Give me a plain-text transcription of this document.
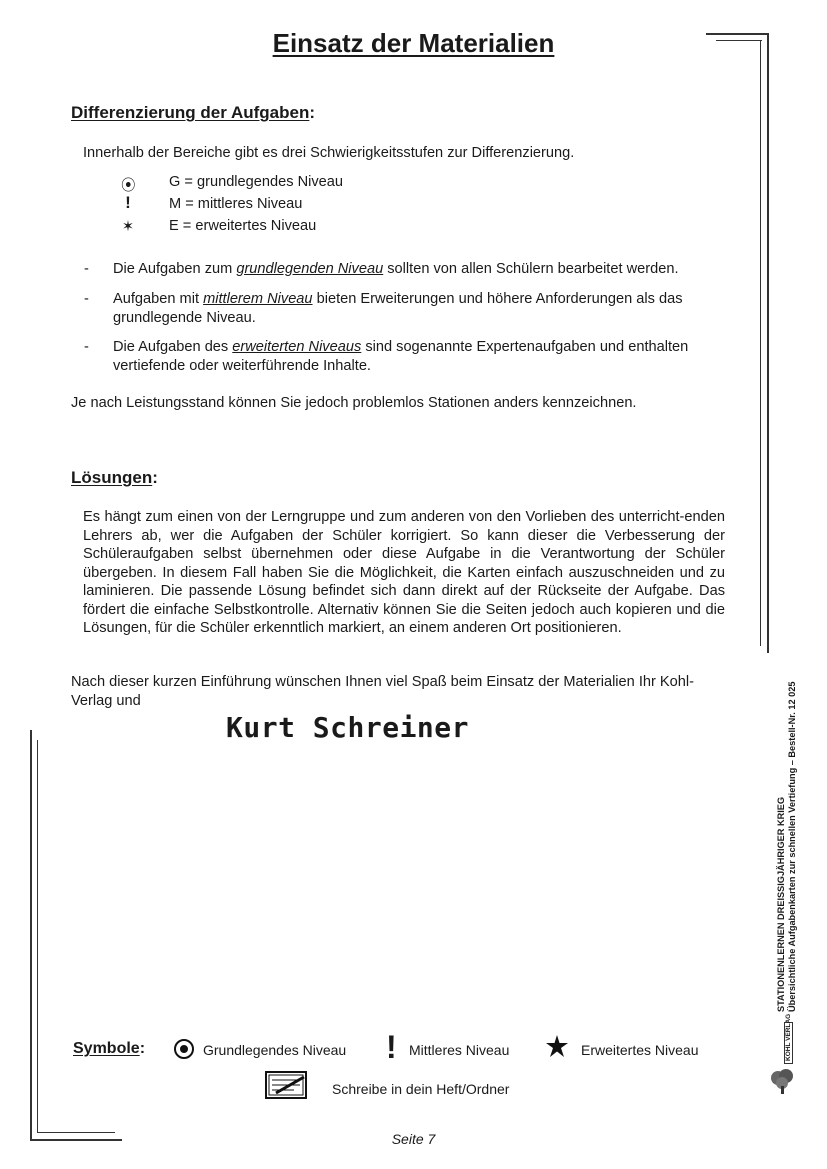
Einsatz der Materialien
Differenzierung der Aufgaben:
Innerhalb der Bereiche gibt es drei Schwierigkeitsstufen zur Differenzierung.
⦿ G = grundlegendes Niveau
!	M = mittleres Niveau
✶ E = erweitertes Niveau
- Die Aufgaben zum grundlegenden Niveau sollten von allen Schülern bearbeitet werden.
- Aufgaben mit mittlerem Niveau bieten Erweiterungen und höhere Anforderungen als das grundlegende Niveau.
- Die Aufgaben des erweiterten Niveaus sind sogenannte Expertenaufgaben und enthalten vertiefende oder weiterführende Inhalte.
Je nach Leistungsstand können Sie jedoch problemlos Stationen anders kennzeichnen.
Lösungen:
Es hängt zum einen von der Lerngruppe und zum anderen von den Vorlieben des unterricht-enden Lehrers ab, wer die Aufgaben der Schüler korrigiert. So kann dieser die Verbesserung der Schüleraufgaben selbst übernehmen oder diese Aufgabe in die Verantwortung der Schüler übergeben. In diesem Fall haben Sie die Möglichkeit, die Karten einfach auszuschneiden und zu laminieren. Die passende Lösung befindet sich dann direkt auf der Rückseite der Aufgabe. Das fördert die einfache Selbstkontrolle. Alternativ können Sie die Seiten jedoch auch kopieren und die Lösungen, für die Schüler erkenntlich markiert, an einem anderen Ort positionieren.
Nach dieser kurzen Einführung wünschen Ihnen viel Spaß beim Einsatz der Materialien Ihr Kohl-Verlag und
Kurt Schreiner
Symbole:	Grundlegendes Niveau ! Mittleres Niveau	Erweitertes Niveau
Schreibe in dein Heft/Ordner
STATIONENLERNEN DREISSIGJÄHRIGER KRIEG Übersichtliche Aufgabenkarten zur schnellen Vertiefung – Bestell-Nr. 12 025
KOHL VERLAG
Seite 7
